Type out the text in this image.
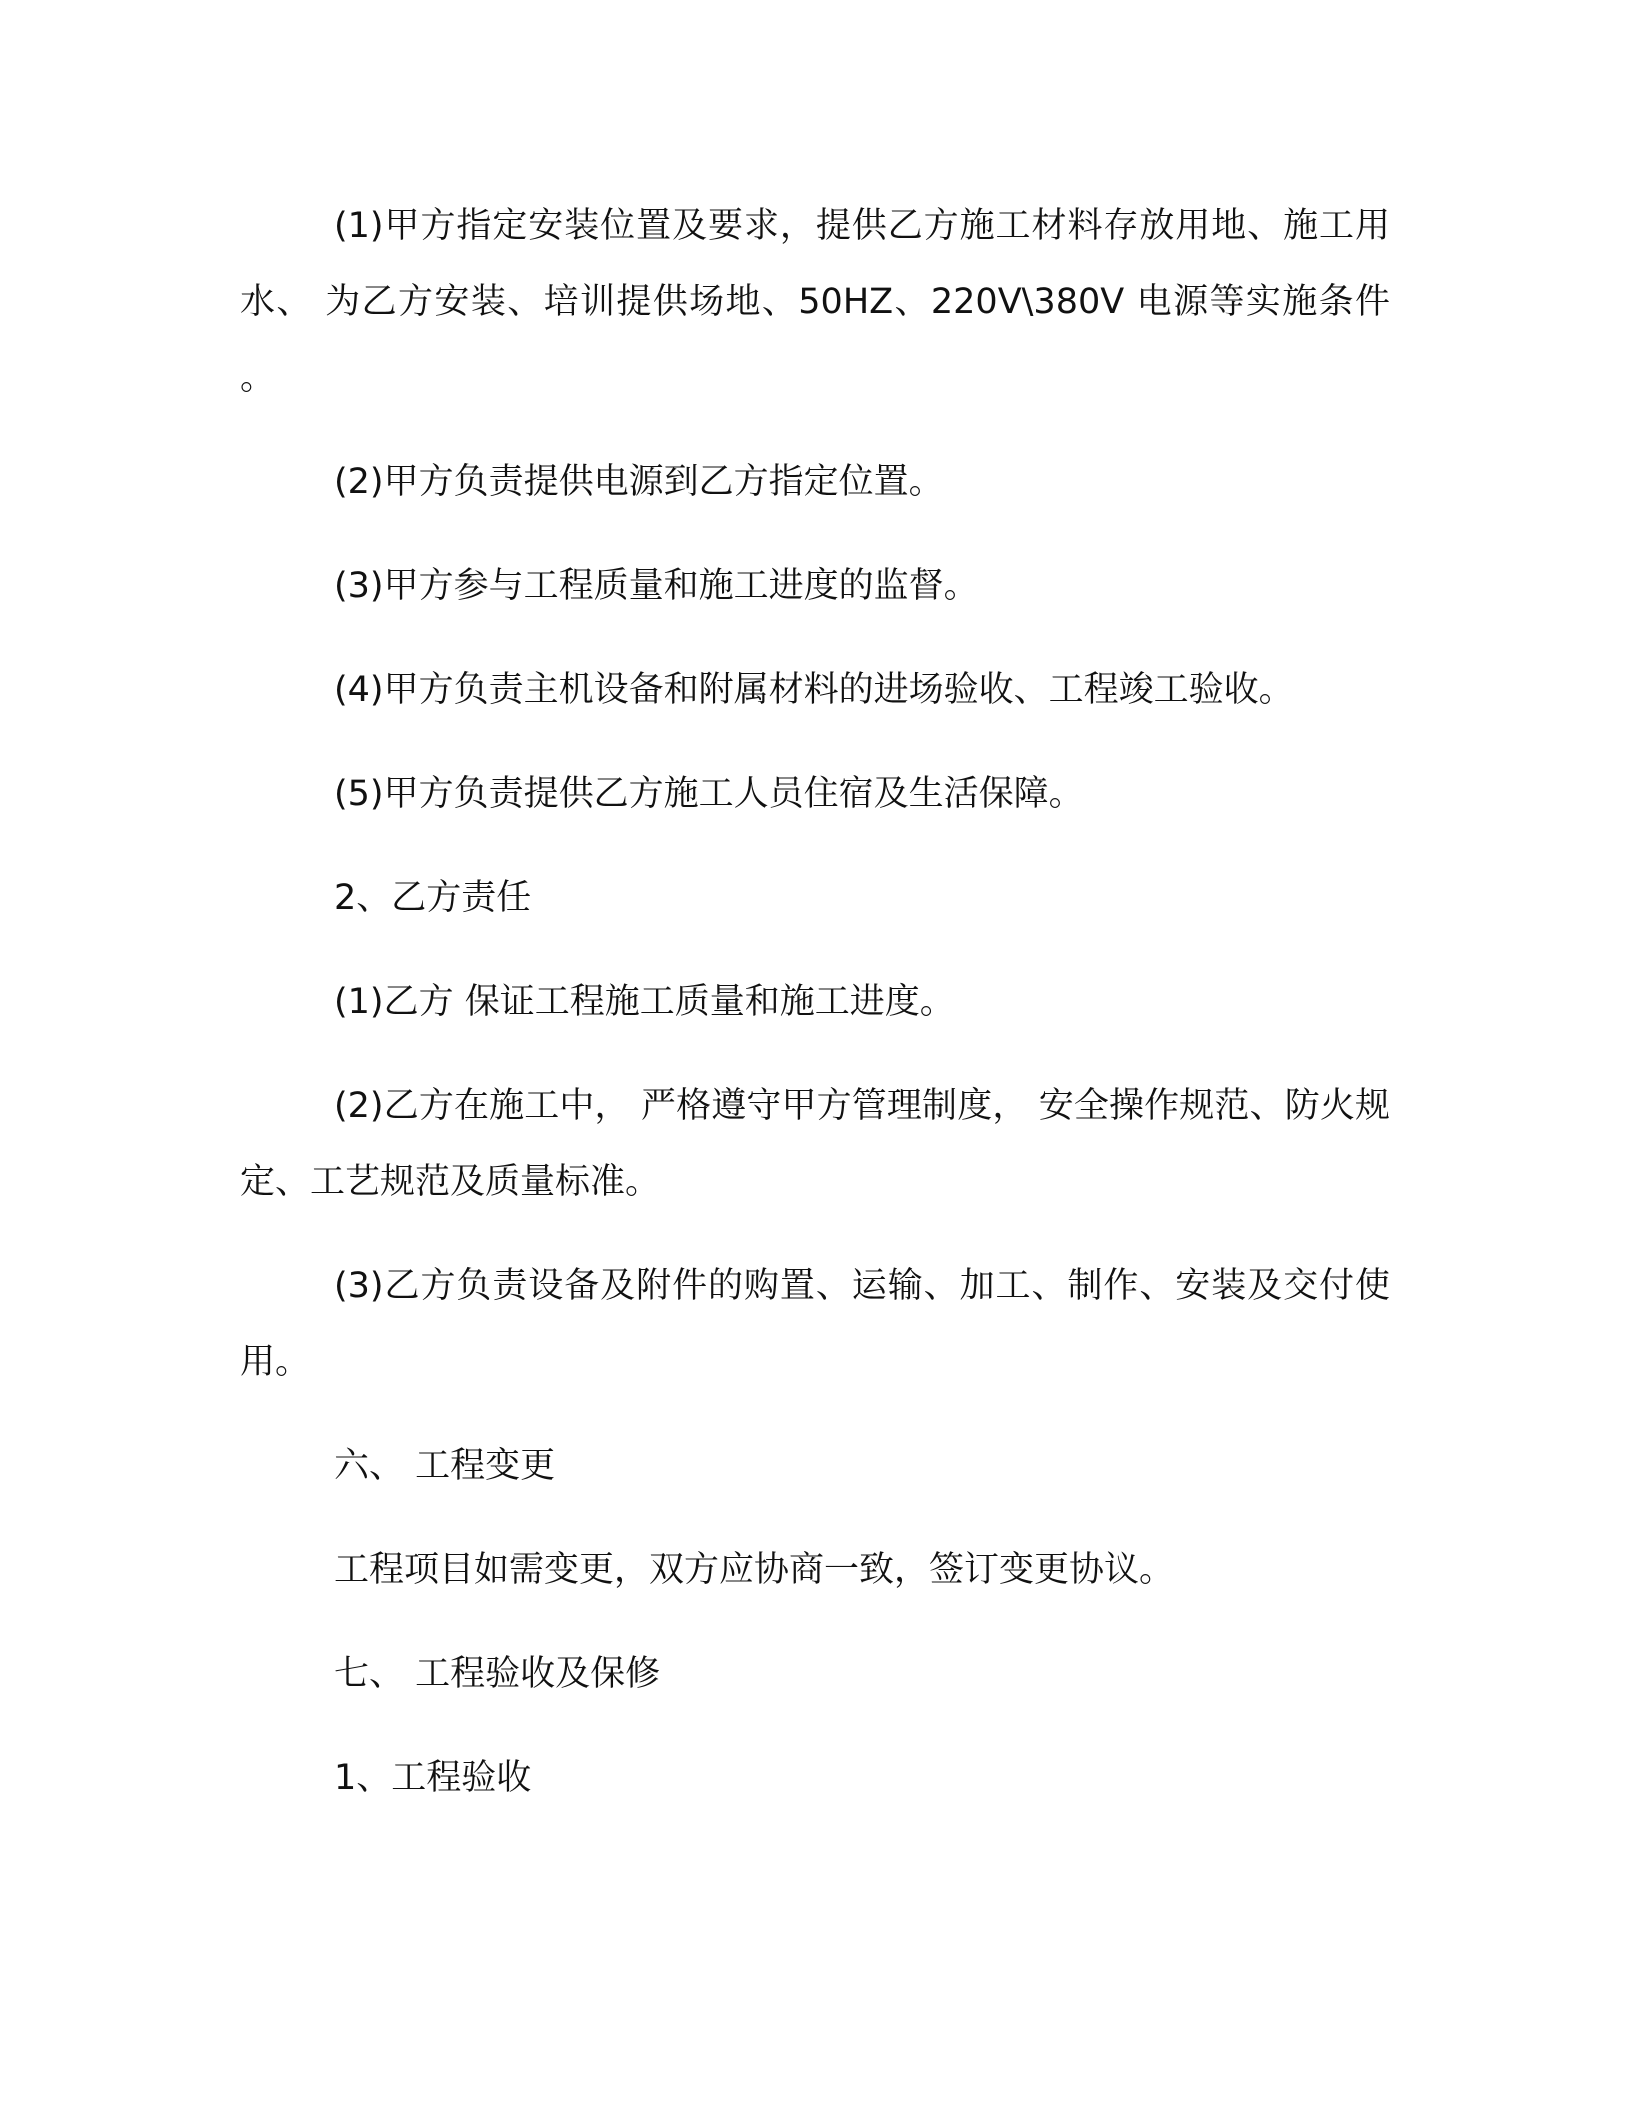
(1)甲方指定安装位置及要求，提供乙方施工材料存放用地、施工用水、 为乙方安装、培训提供场地、50HZ、220V\380V 电源等实施条件 。

(2)甲方负责提供电源到乙方指定位置。

(3)甲方参与工程质量和施工进度的监督。

(4)甲方负责主机设备和附属材料的进场验收、工程竣工验收。

(5)甲方负责提供乙方施工人员住宿及生活保障。

2、乙方责任

(1)乙方 保证工程施工质量和施工进度。

(2)乙方在施工中， 严格遵守甲方管理制度， 安全操作规范、防火规定、工艺规范及质量标准。

(3)乙方负责设备及附件的购置、运输、加工、制作、安装及交付使用。

六、 工程变更

工程项目如需变更，双方应协商一致，签订变更协议。

七、 工程验收及保修

1、工程验收
